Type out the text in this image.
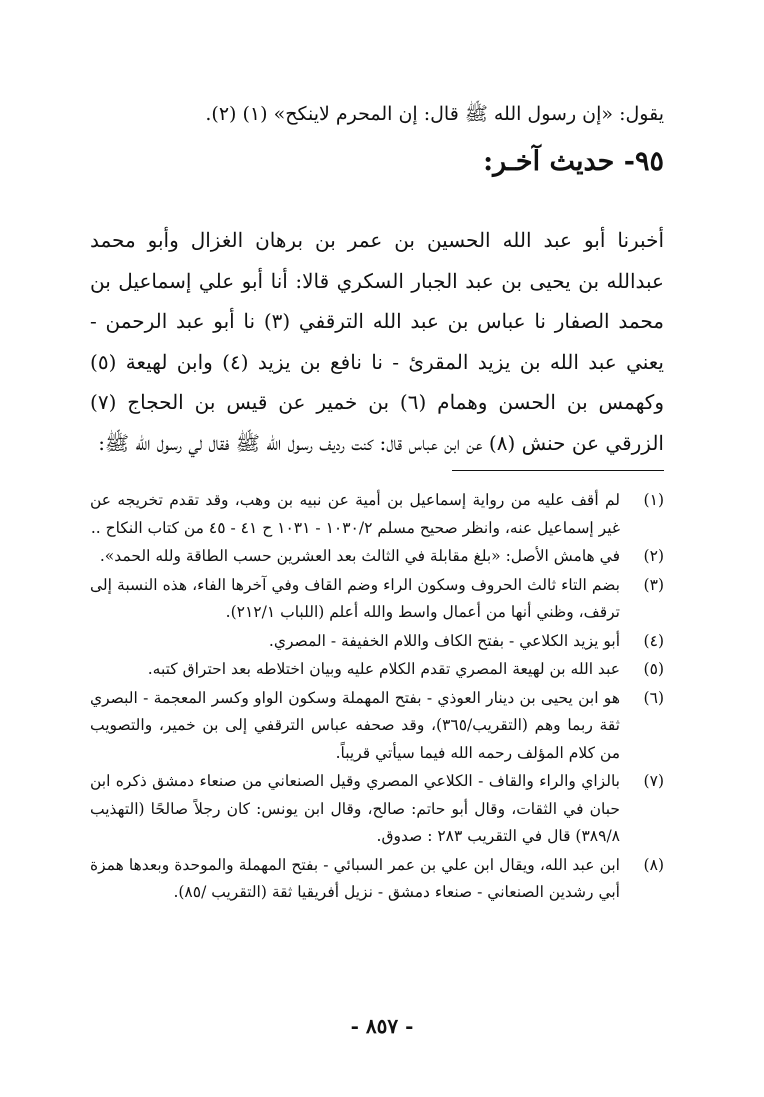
يقول: «إن رسول الله ﷺ قال: إن المحرم لاينكح» (١) (٢).

٩٥- حديث آخـر:

أخبرنا أبو عبد الله الحسين بن عمر بن برهان الغزال وأبو محمد عبدالله بن يحيى بن عبد الجبار السكري قالا: أنا أبو علي إسماعيل بن محمد الصفار نا عباس بن عبد الله الترقفي (٣) نا أبو عبد الرحمن - يعني عبد الله بن يزيد المقرئ - نا نافع بن يزيد (٤) وابن لهيعة (٥) وكهمس بن الحسن وهمام (٦) بن خمير عن قيس بن الحجاج (٧) الزرقي عن حنش (٨) عن ابن عباس قال: كنت رديف رسول الله ﷺ فقال لي رسول الله ﷺ:

(١)
لم أقف عليه من رواية إسماعيل بن أمية عن نبيه بن وهب، وقد تقدم تخريجه عن غير إسماعيل عنه، وانظر صحيح مسلم ١٠٣٠/٢ - ١٠٣١ ح ٤١ - ٤٥ من كتاب النكاح ..
(٢)
في هامش الأصل: «بلغ مقابلة في الثالث بعد العشرين حسب الطاقة ولله الحمد».
(٣)
بضم التاء ثالث الحروف وسكون الراء وضم القاف وفي آخرها الفاء، هذه النسبة إلى ترقف، وظني أنها من أعمال واسط والله أعلم (اللباب ٢١٢/١).
(٤)
أبو يزيد الكلاعي - بفتح الكاف واللام الخفيفة - المصري.
(٥)
عبد الله بن لهيعة المصري تقدم الكلام عليه وبيان اختلاطه بعد احتراق كتبه.
(٦)
هو ابن يحيى بن دينار العوذي - بفتح المهملة وسكون الواو وكسر المعجمة - البصري ثقة ربما وهم (التقريب/٣٦٥)، وقد صحفه عباس الترقفي إلى بن خمير، والتصويب من كلام المؤلف رحمه الله فيما سيأتي قريباً.
(٧)
بالزاي والراء والقاف - الكلاعي المصري وقيل الصنعاني من صنعاء دمشق ذكره ابن حبان في الثقات، وقال أبو حاتم: صالح، وقال ابن يونس: كان رجلاً صالحًا (التهذيب ٣٨٩/٨) قال في التقريب ٢٨٣ : صدوق.
(٨)
ابن عبد الله، ويقال ابن علي بن عمر السبائي - بفتح المهملة والموحدة وبعدها همزة أبي رشدين الصنعاني - صنعاء دمشق - نزيل أفريقيا ثقة (التقريب /٨٥).
- ٨٥٧ -
